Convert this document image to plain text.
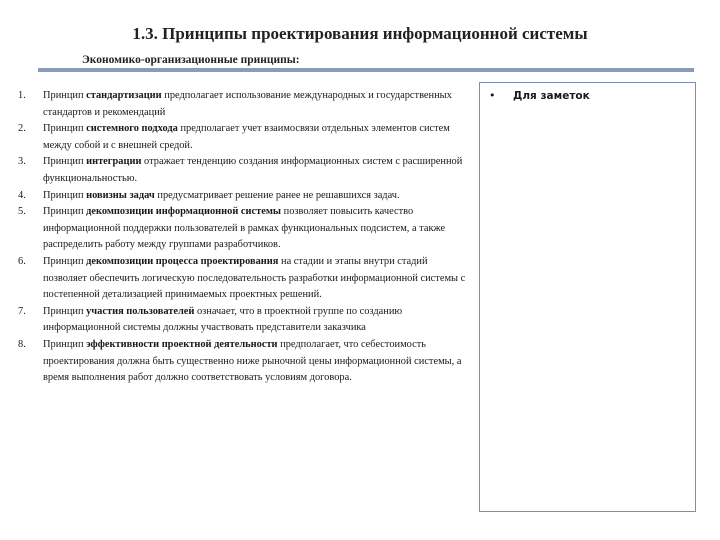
1.3. Принципы проектирования информационной системы
Экономико-организационные принципы:
1.	Принцип стандартизации предполагает использование международных и государственных стандартов и рекомендаций
2.	Принцип системного подхода предполагает учет взаимосвязи отдельных элементов систем между собой и с внешней средой.
3.	Принцип интеграции отражает тенденцию создания информационных систем с расширенной функциональностью.
4.	Принцип новизны задач предусматривает решение ранее не решавшихся задач.
5.	Принцип декомпозиции информационной системы позволяет повысить качество информационной поддержки пользователей в рамках функциональных подсистем, а также распределить работу между группами разработчиков.
6.	Принцип декомпозиции процесса проектирования на стадии и этапы внутри стадий позволяет обеспечить логическую последовательность разработки информационной системы с постепенной детализацией принимаемых проектных решений.
7.	Принцип участия пользователей означает, что в проектной группе по созданию информационной системы должны участвовать представители заказчика
8.	Принцип эффективности проектной деятельности предполагает, что себестоимость проектирования должна быть существенно ниже рыночной цены информационной системы, а время выполнения работ должно соответствовать условиям договора.
• Для заметок
